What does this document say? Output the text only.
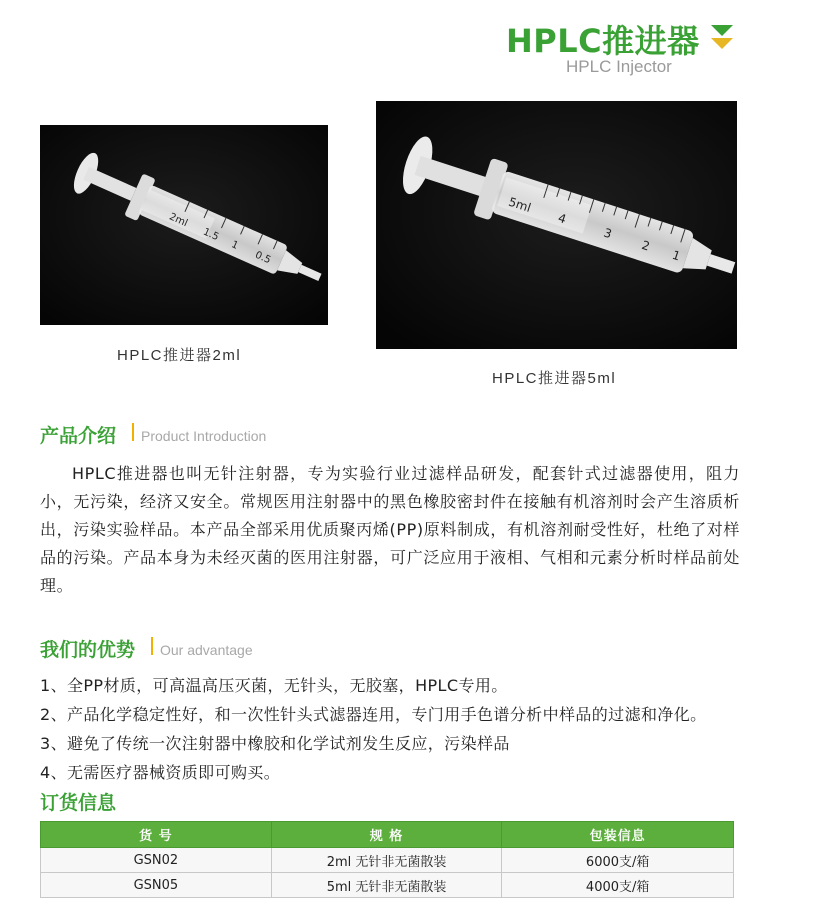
HPLC推进器
HPLC Injector
2ml
1.5
1
0.5
HPLC推进器2ml
5ml
4
3
2
1
HPLC推进器5ml
产品介绍 Product Introduction

HPLC推进器也叫无针注射器，专为实验行业过滤样品研发，配套针式过滤器使用，阻力小，无污染，经济又安全。常规医用注射器中的黑色橡胶密封件在接触有机溶剂时会产生溶质析出，污染实验样品。本产品全部采用优质聚丙烯(PP)原料制成，有机溶剂耐受性好，杜绝了对样品的污染。产品本身为未经灭菌的医用注射器，可广泛应用于液相、气相和元素分析时样品前处理。

我们的优势 Our advantage
1、全PP材质，可高温高压灭菌，无针头，无胶塞，HPLC专用。
2、产品化学稳定性好，和一次性针头式滤器连用，专门用手色谱分析中样品的过滤和净化。
3、避免了传统一次注射器中橡胶和化学试剂发生反应，污染样品
4、无需医疗器械资质即可购买。
订货信息
货 号	规 格	包装信息
GSN02	2ml 无针非无菌散装	6000支/箱
GSN05	5ml 无针非无菌散装	4000支/箱
